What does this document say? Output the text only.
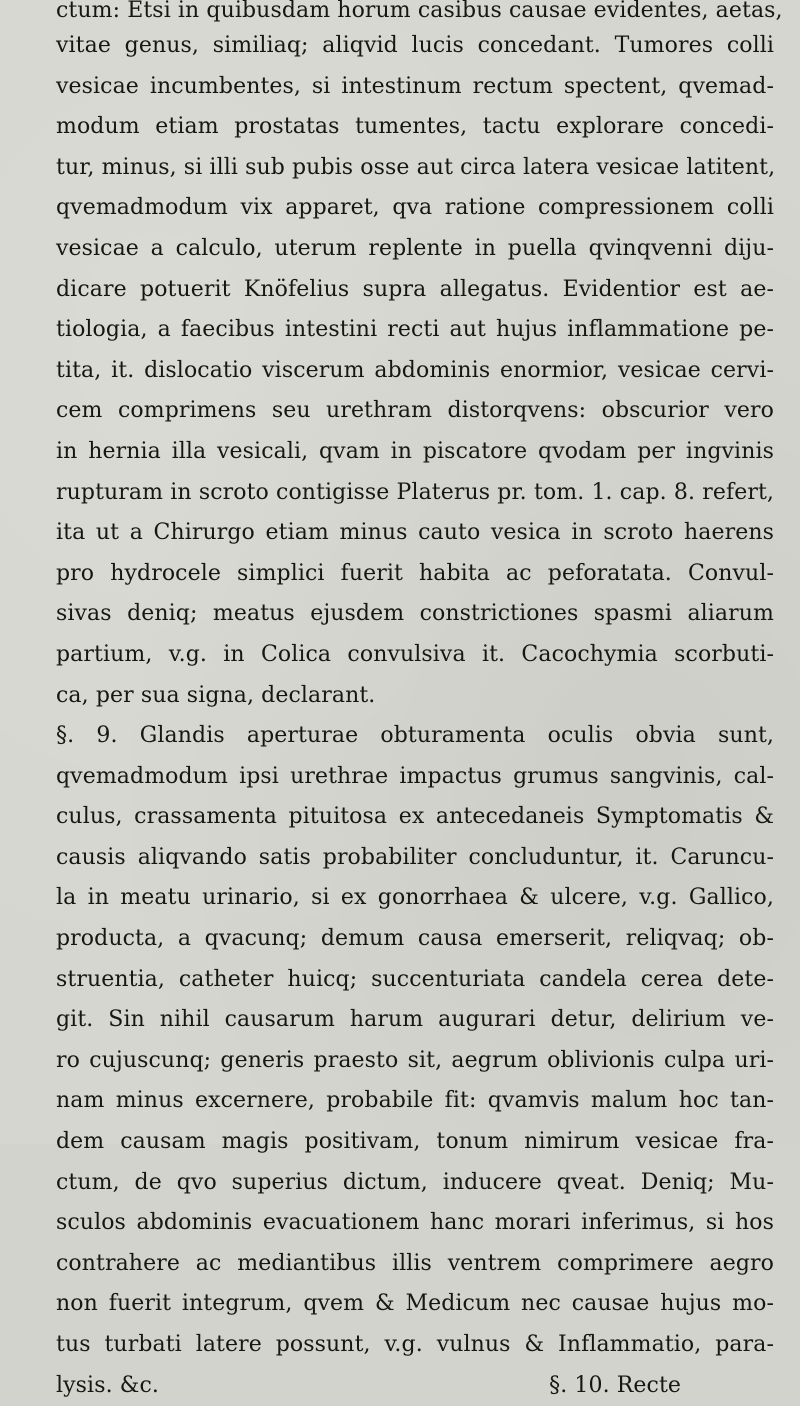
ctum: Etsi in quibusdam horum casibus causae evidentes, aetas,
vitae genus, similiaq; aliqvid lucis concedant. Tumores colli
vesicae incumbentes, si intestinum rectum spectent, qvemad-
modum etiam prostatas tumentes, tactu explorare concedi-
tur, minus, si illi sub pubis osse aut circa latera vesicae latitent,
qvemadmodum vix apparet, qva ratione compressionem colli
vesicae a calculo, uterum replente in puella qvinqvenni diju-
dicare potuerit Knöfelius supra allegatus. Evidentior est ae-
tiologia, a faecibus intestini recti aut hujus inflammatione pe-
tita, it. dislocatio viscerum abdominis enormior, vesicae cervi-
cem comprimens seu urethram distorqvens: obscurior vero
in hernia illa vesicali, qvam in piscatore qvodam per ingvinis
rupturam in scroto contigisse Platerus pr. tom. 1. cap. 8. refert,
ita ut a Chirurgo etiam minus cauto vesica in scroto haerens
pro hydrocele simplici fuerit habita ac peforatata. Convul-
sivas deniq; meatus ejusdem constrictiones spasmi aliarum
partium, v.g. in Colica convulsiva it. Cacochymia scorbuti-
ca, per sua signa, declarant.
§. 9. Glandis aperturae obturamenta oculis obvia sunt,
qvemadmodum ipsi urethrae impactus grumus sangvinis, cal-
culus, crassamenta pituitosa ex antecedaneis Symptomatis &
causis aliqvando satis probabiliter concluduntur, it. Caruncu-
la in meatu urinario, si ex gonorrhaea & ulcere, v.g. Gallico,
producta, a qvacunq; demum causa emerserit, reliqvaq; ob-
struentia, catheter huicq; succenturiata candela cerea dete-
git. Sin nihil causarum harum augurari detur, delirium ve-
ro cujuscunq; generis praesto sit, aegrum oblivionis culpa uri-
nam minus excernere, probabile fit: qvamvis malum hoc tan-
dem causam magis positivam, tonum nimirum vesicae fra-
ctum, de qvo superius dictum, inducere qveat. Deniq; Mu-
sculos abdominis evacuationem hanc morari inferimus, si hos
contrahere ac mediantibus illis ventrem comprimere aegro
non fuerit integrum, qvem & Medicum nec causae hujus mo-
tus turbati latere possunt, v.g. vulnus & Inflammatio, para-
lysis. &c.                                                       §. 10. Recte
